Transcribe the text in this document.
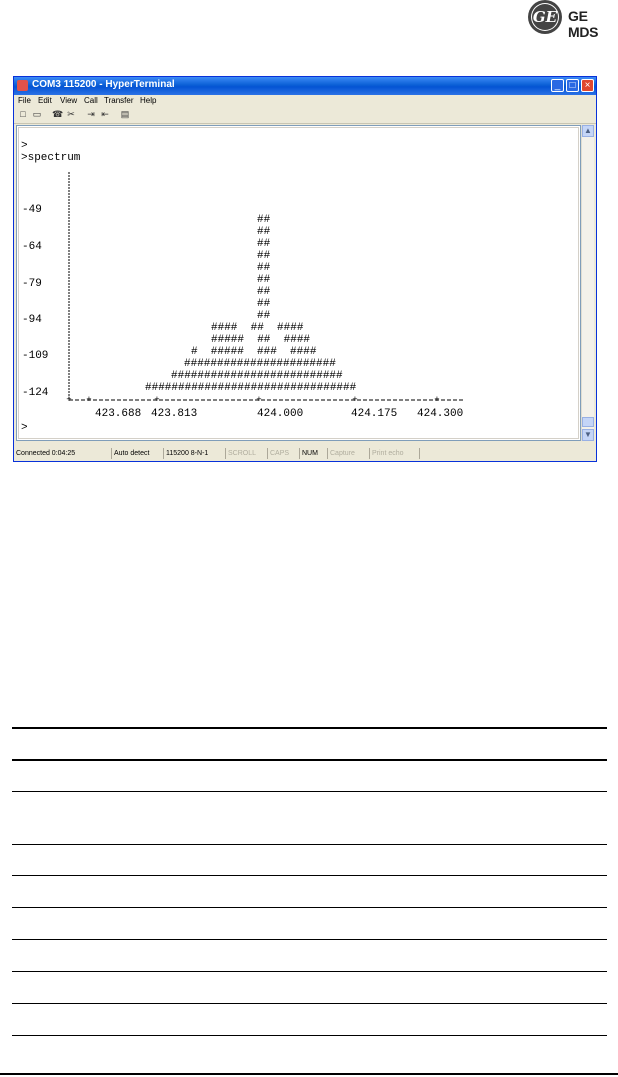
GE GE MDS
COM3 115200 - HyperTerminal	_ □ ×
File Edit View Call Transfer Help
□ ▭ ☎ ✂ ⇥ ⇤ ▤
>
>spectrum
+ +	+	+	+	+
-49
-64
-79
-94
-109
-124
##
##
##
##
##
##
##
##
##
####  ##  ####
#####  ##  ####
#  #####  ###  ####
#######################
##########################
################################
423.688 423.813	424.000	424.175 424.300
>
▲
▼
Connected 0:04:25	Auto detect	115200 8-N-1	SCROLL	CAPS	NUM	Capture	Print echo
